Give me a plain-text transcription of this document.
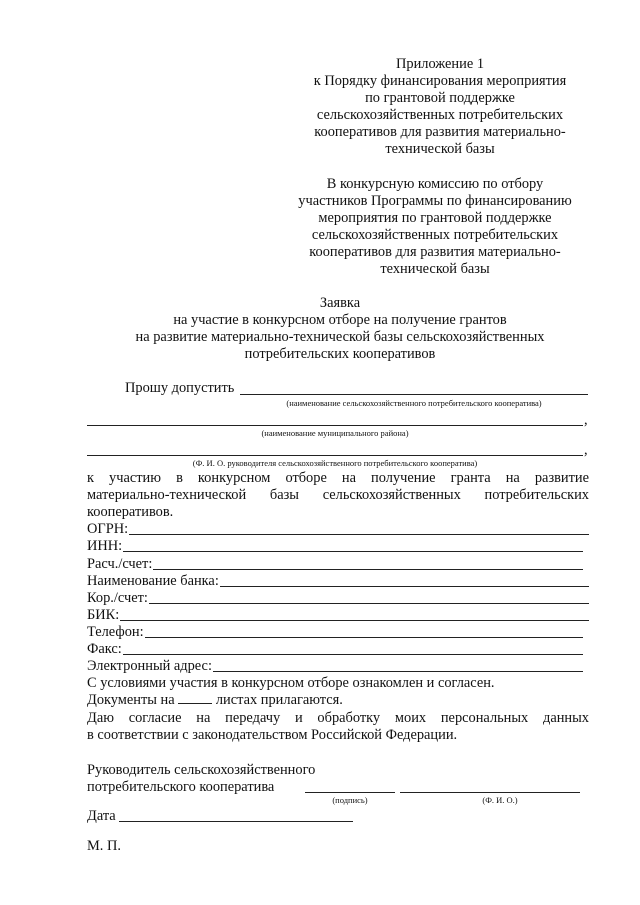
Приложение 1
к Порядку финансирования мероприятия
по грантовой поддержке
сельскохозяйственных потребительских
кооперативов для развития материально-
технической базы
В конкурсную комиссию по отбору
участников Программы по финансированию
мероприятия по грантовой поддержке
сельскохозяйственных потребительских
кооперативов для развития материально-
технической базы
Заявка
на участие в конкурсном отборе на получение грантов
на развитие материально-технической базы сельскохозяйственных
потребительских кооперативов
Прошу допустить
(наименование сельскохозяйственного потребительского кооператива)
,
(наименование муниципального района)
,
(Ф. И. О. руководителя сельскохозяйственного потребительского кооператива)
к участию в конкурсном отборе на получение гранта на развитие
материально-технической базы сельскохозяйственных потребительских
кооперативов.
ОГРН:
ИНН:
Расч./счет:
Наименование банка:
Кор./счет:
БИК:
Телефон:
Факс:
Электронный адрес:
С условиями участия в конкурсном отборе ознакомлен и согласен.
Документы на	листах прилагаются.
Даю согласие на передачу и обработку моих персональных данных
в соответствии с законодательством Российской Федерации.
Руководитель сельскохозяйственного
потребительского кооператива
(подпись)	(Ф. И. О.)
Дата
М. П.
